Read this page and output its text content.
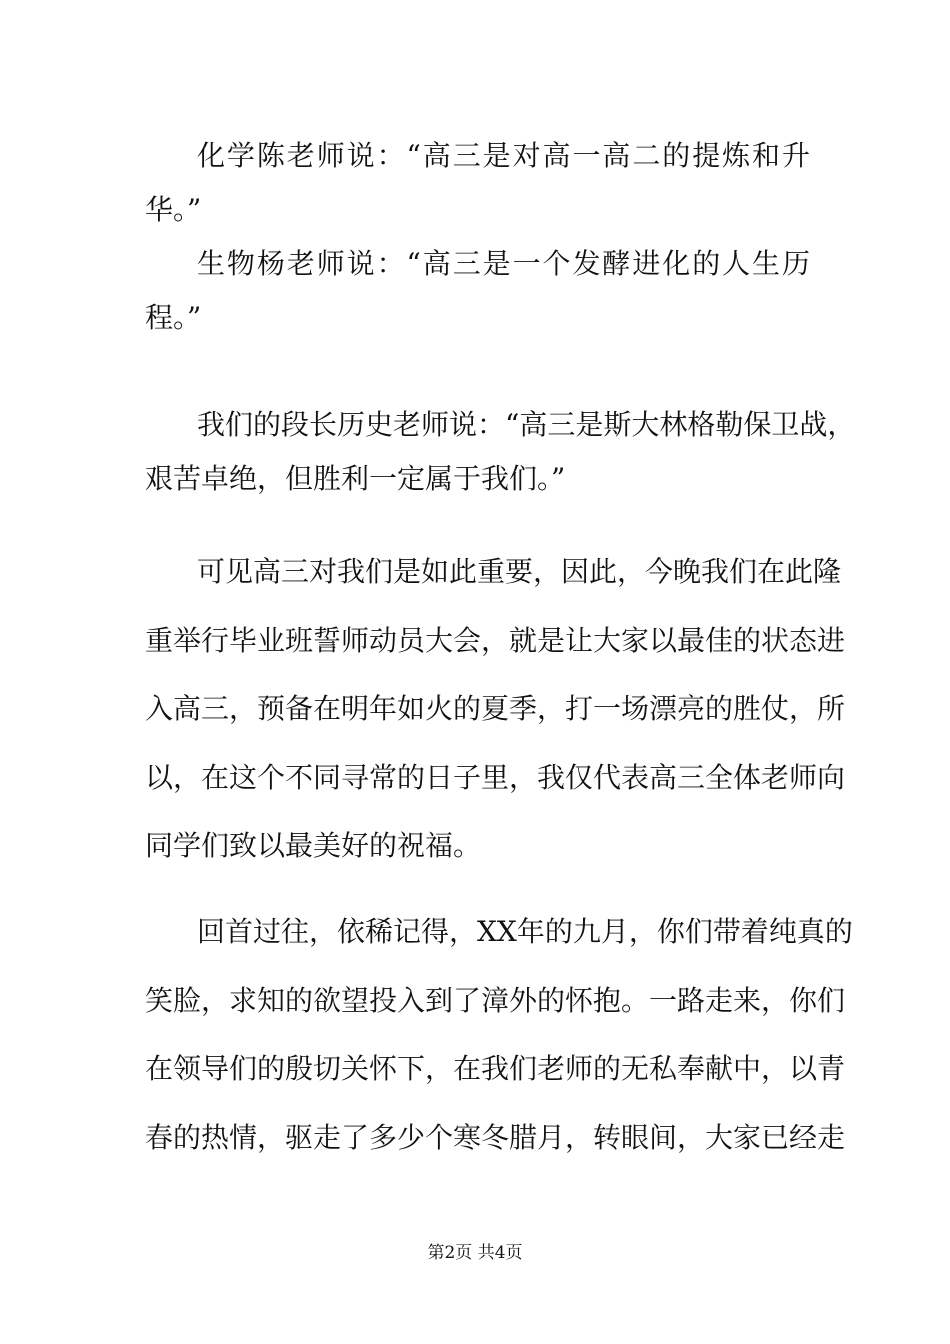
化学陈老师说：“高三是对高一高二的提炼和升
华。”
生物杨老师说：“高三是一个发酵进化的人生历
程。”
我们的段长历史老师说：“高三是斯大林格勒保卫战，
艰苦卓绝，但胜利一定属于我们。”
可见高三对我们是如此重要，因此，今晚我们在此隆
重举行毕业班誓师动员大会，就是让大家以最佳的状态进
入高三，预备在明年如火的夏季，打一场漂亮的胜仗，所
以，在这个不同寻常的日子里，我仅代表高三全体老师向
同学们致以最美好的祝福。
回首过往，依稀记得，XX年的九月，你们带着纯真的
笑脸，求知的欲望投入到了漳外的怀抱。一路走来，你们
在领导们的殷切关怀下，在我们老师的无私奉献中，以青
春的热情，驱走了多少个寒冬腊月，转眼间，大家已经走
第2页 共4页
